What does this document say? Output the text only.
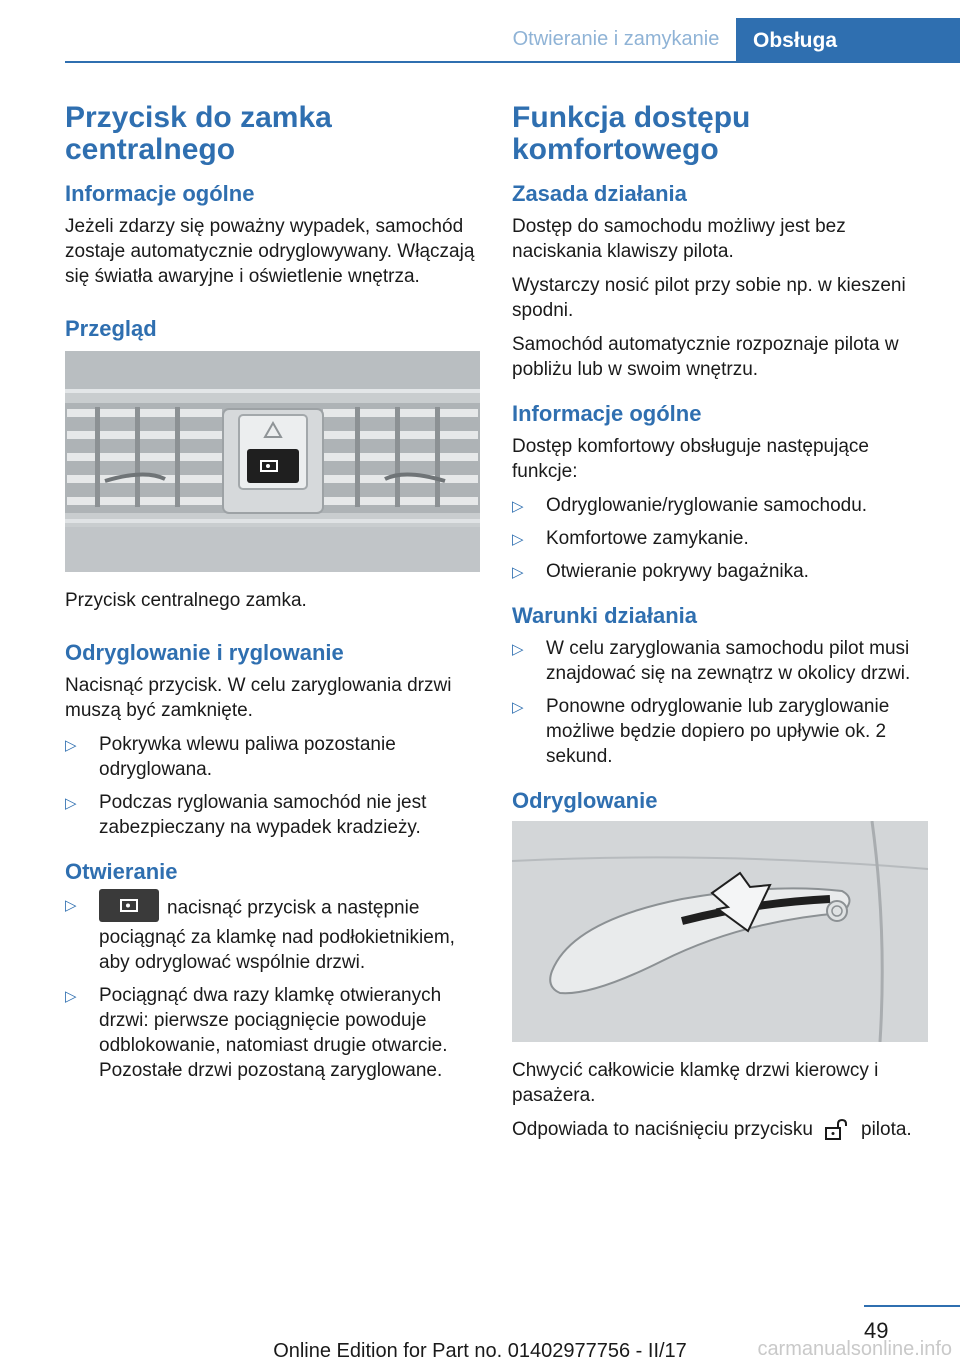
Otwieranie i zamykanie	Obsługa
Przycisk do zamka centralnego
Informacje ogólne

Jeżeli zdarzy się poważny wypadek, samochód zostaje automatycznie odryglowywany. Włączają się światła awaryjne i oświetlenie wnętrza.

Przegląd

Przycisk centralnego zamka.

Odryglowanie i ryglowanie

Nacisnąć przycisk. W celu zaryglowania drzwi muszą być zamknięte.

▷ Pokrywka wlewu paliwa pozostanie odryglowana.
▷ Podczas ryglowania samochód nie jest zabezpieczany na wypadek kradzieży.
Otwieranie
▷	nacisnąć przycisk a następnie pociągnąć za klamkę nad podłokietnikiem, aby odryglować wspólnie drzwi.
▷ Pociągnąć dwa razy klamkę otwieranych drzwi: pierwsze pociągnięcie powoduje odblokowanie, natomiast drugie otwarcie. Pozostałe drzwi pozostaną zaryglowane.
Funkcja dostępu komfortowego
Zasada działania

Dostęp do samochodu możliwy jest bez naciskania klawiszy pilota.

Wystarczy nosić pilot przy sobie np. w kieszeni spodni.

Samochód automatycznie rozpoznaje pilota w pobliżu lub w swoim wnętrzu.

Informacje ogólne

Dostęp komfortowy obsługuje następujące funkcje:

▷ Odryglowanie/ryglowanie samochodu.
▷ Komfortowe zamykanie.
▷ Otwieranie pokrywy bagażnika.
Warunki działania
▷ W celu zaryglowania samochodu pilot musi znajdować się na zewnątrz w okolicy drzwi.
▷ Ponowne odryglowanie lub zaryglowanie możliwe będzie dopiero po upływie ok. 2 sekund.
Odryglowanie

Chwycić całkowicie klamkę drzwi kierowcy i pasażera.

Odpowiada to naciśnięciu przycisku	pilota.

49
Online Edition for Part no. 01402977756 - II/17	carmanualsonline.info
